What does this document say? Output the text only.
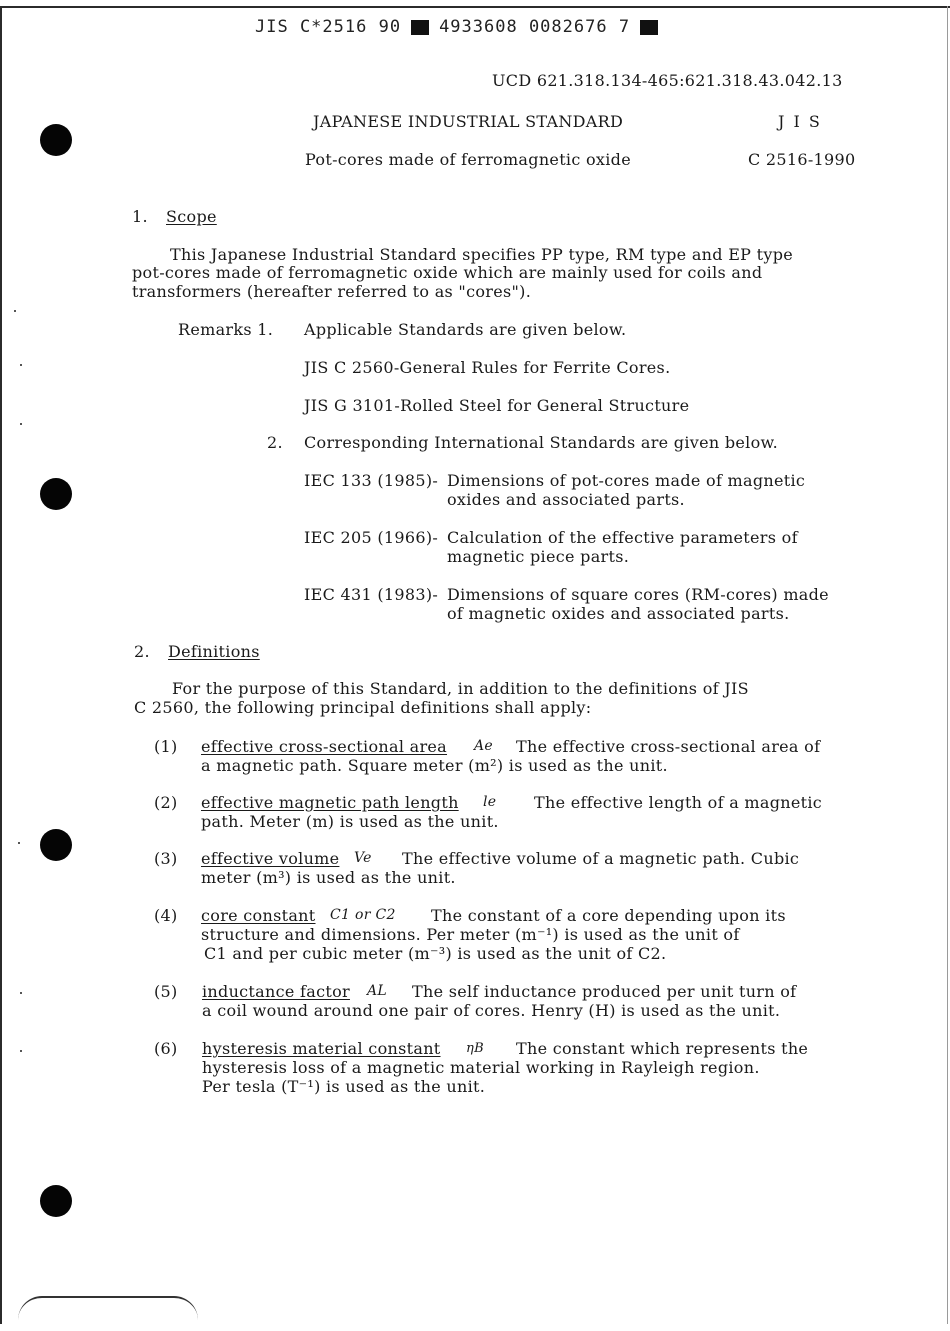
JIS C*2516 90 4933608 0082676 7
UCD 621.318.134-465:621.318.43.042.13
JAPANESE INDUSTRIAL STANDARD	J I S
Pot-cores made of ferromagnetic oxide	C 2516-1990
1. Scope
This Japanese Industrial Standard specifies PP type, RM type and EP type
pot-cores made of ferromagnetic oxide which are mainly used for coils and
transformers (hereafter referred to as "cores").
Remarks 1. Applicable Standards are given below.
JIS C 2560-General Rules for Ferrite Cores.
JIS G 3101-Rolled Steel for General Structure
2. Corresponding International Standards are given below.
IEC 133 (1985)- Dimensions of pot-cores made of magnetic
oxides and associated parts.
IEC 205 (1966)- Calculation of the effective parameters of
magnetic piece parts.
IEC 431 (1983)- Dimensions of square cores (RM-cores) made
of magnetic oxides and associated parts.
2. Definitions
For the purpose of this Standard, in addition to the definitions of JIS
C 2560, the following principal definitions shall apply:
(1) effective cross-sectional area Ae The effective cross-sectional area of
a magnetic path. Square meter (m²) is used as the unit.
(2) effective magnetic path length le The effective length of a magnetic
path. Meter (m) is used as the unit.
(3) effective volume Ve The effective volume of a magnetic path. Cubic
meter (m³) is used as the unit.
(4) core constant C1 or C2 The constant of a core depending upon its
structure and dimensions. Per meter (m⁻¹) is used as the unit of
C1 and per cubic meter (m⁻³) is used as the unit of C2.
(5) inductance factor AL The self inductance produced per unit turn of
a coil wound around one pair of cores. Henry (H) is used as the unit.
(6) hysteresis material constant ηB The constant which represents the
hysteresis loss of a magnetic material working in Rayleigh region.
Per tesla (T⁻¹) is used as the unit.
